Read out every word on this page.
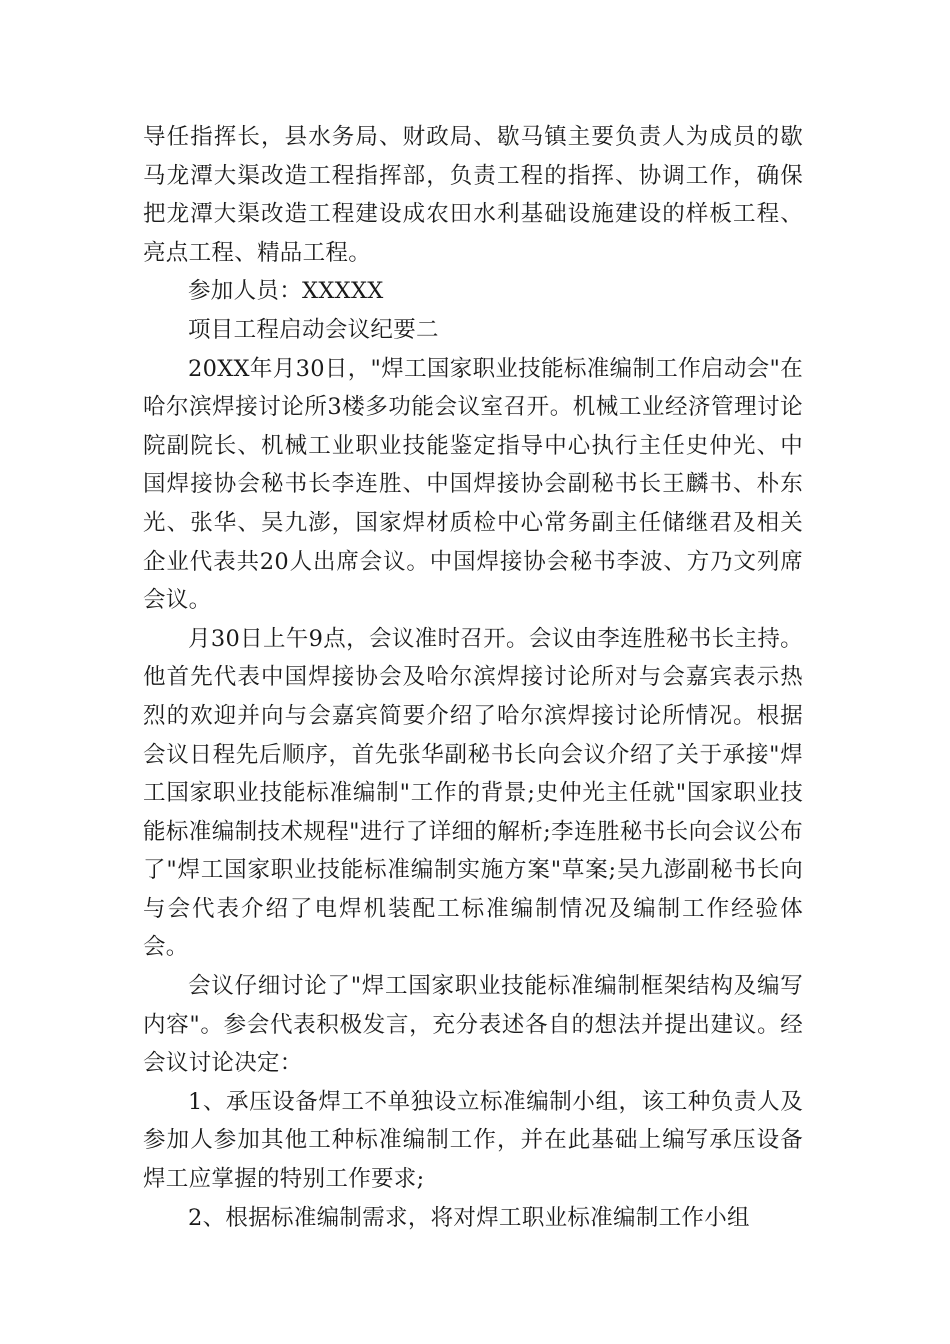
导任指挥长，县水务局、财政局、歇马镇主要负责人为成员的歇马龙潭大渠改造工程指挥部，负责工程的指挥、协调工作，确保把龙潭大渠改造工程建设成农田水利基础设施建设的样板工程、亮点工程、精品工程。

参加人员：XXXXX

项目工程启动会议纪要二

20XX年月30日，"焊工国家职业技能标准编制工作启动会"在哈尔滨焊接讨论所3楼多功能会议室召开。机械工业经济管理讨论院副院长、机械工业职业技能鉴定指导中心执行主任史仲光、中国焊接协会秘书长李连胜、中国焊接协会副秘书长王麟书、朴东光、张华、吴九澎，国家焊材质检中心常务副主任储继君及相关企业代表共20人出席会议。中国焊接协会秘书李波、方乃文列席会议。

月30日上午9点，会议准时召开。会议由李连胜秘书长主持。他首先代表中国焊接协会及哈尔滨焊接讨论所对与会嘉宾表示热烈的欢迎并向与会嘉宾简要介绍了哈尔滨焊接讨论所情况。根据会议日程先后顺序，首先张华副秘书长向会议介绍了关于承接"焊工国家职业技能标准编制"工作的背景;史仲光主任就"国家职业技能标准编制技术规程"进行了详细的解析;李连胜秘书长向会议公布了"焊工国家职业技能标准编制实施方案"草案;吴九澎副秘书长向与会代表介绍了电焊机装配工标准编制情况及编制工作经验体会。

会议仔细讨论了"焊工国家职业技能标准编制框架结构及编写内容"。参会代表积极发言，充分表述各自的想法并提出建议。经会议讨论决定：

1、承压设备焊工不单独设立标准编制小组，该工种负责人及参加人参加其他工种标准编制工作，并在此基础上编写承压设备焊工应掌握的特别工作要求;

2、根据标准编制需求，将对焊工职业标准编制工作小组
